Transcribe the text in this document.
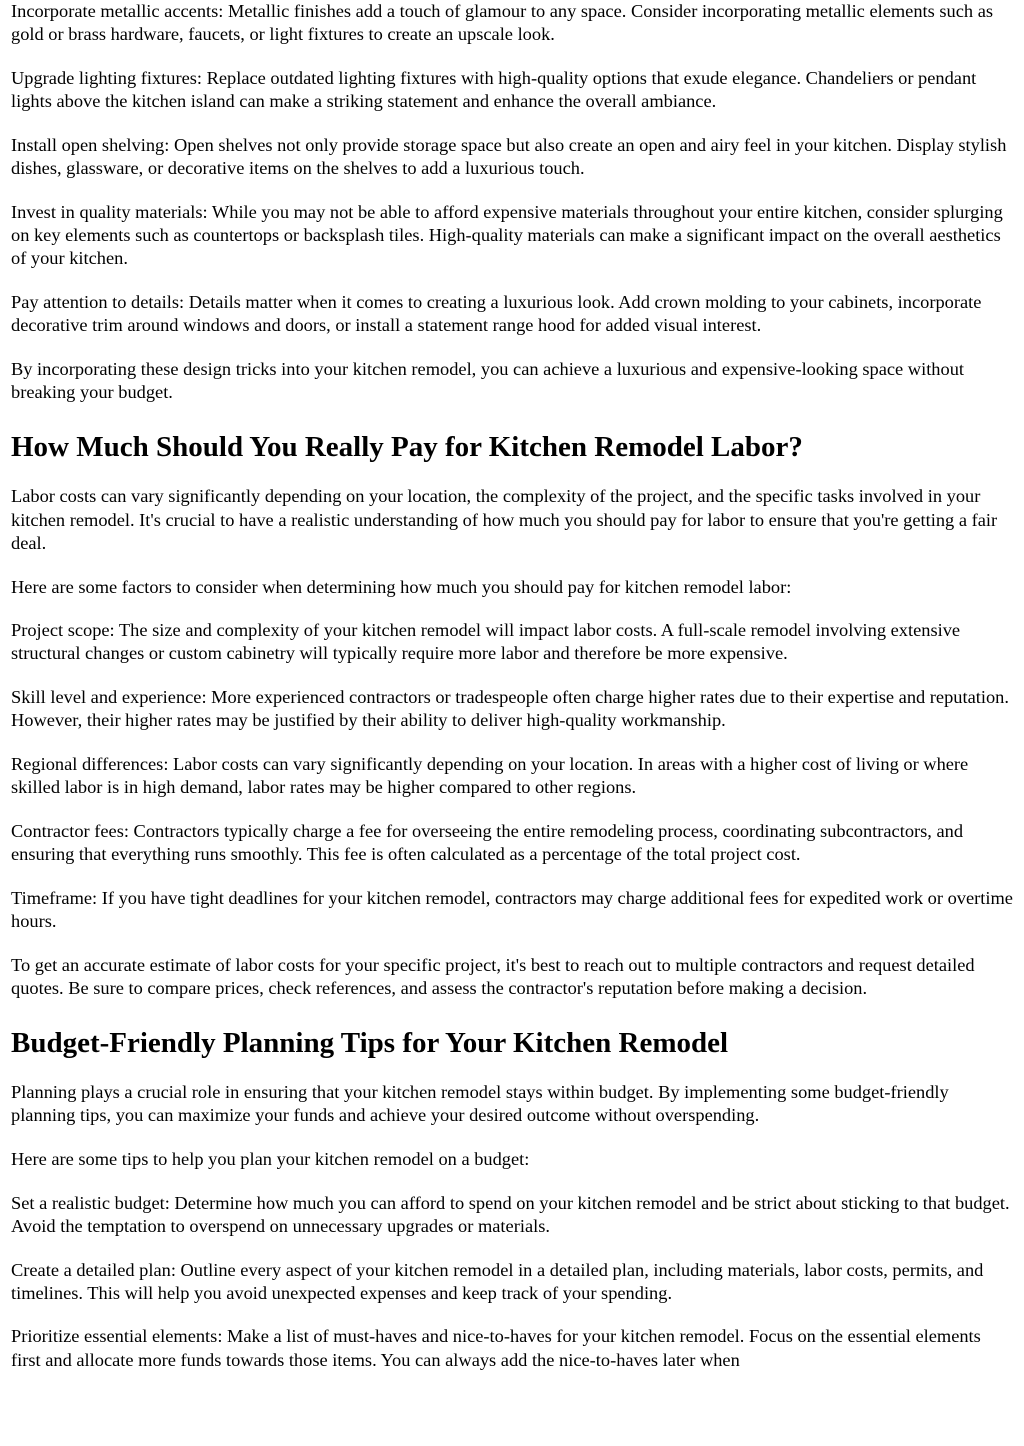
Incorporate metallic accents: Metallic finishes add a touch of glamour to any space. Consider incorporating metallic elements such as gold or brass hardware, faucets, or light fixtures to create an upscale look.

Upgrade lighting fixtures: Replace outdated lighting fixtures with high-quality options that exude elegance. Chandeliers or pendant lights above the kitchen island can make a striking statement and enhance the overall ambiance.

Install open shelving: Open shelves not only provide storage space but also create an open and airy feel in your kitchen. Display stylish dishes, glassware, or decorative items on the shelves to add a luxurious touch.

Invest in quality materials: While you may not be able to afford expensive materials throughout your entire kitchen, consider splurging on key elements such as countertops or backsplash tiles. High-quality materials can make a significant impact on the overall aesthetics of your kitchen.

Pay attention to details: Details matter when it comes to creating a luxurious look. Add crown molding to your cabinets, incorporate decorative trim around windows and doors, or install a statement range hood for added visual interest.

By incorporating these design tricks into your kitchen remodel, you can achieve a luxurious and expensive-looking space without breaking your budget.

How Much Should You Really Pay for Kitchen Remodel Labor?

Labor costs can vary significantly depending on your location, the complexity of the project, and the specific tasks involved in your kitchen remodel. It's crucial to have a realistic understanding of how much you should pay for labor to ensure that you're getting a fair deal.

Here are some factors to consider when determining how much you should pay for kitchen remodel labor:

Project scope: The size and complexity of your kitchen remodel will impact labor costs. A full-scale remodel involving extensive structural changes or custom cabinetry will typically require more labor and therefore be more expensive.

Skill level and experience: More experienced contractors or tradespeople often charge higher rates due to their expertise and reputation. However, their higher rates may be justified by their ability to deliver high-quality workmanship.

Regional differences: Labor costs can vary significantly depending on your location. In areas with a higher cost of living or where skilled labor is in high demand, labor rates may be higher compared to other regions.

Contractor fees: Contractors typically charge a fee for overseeing the entire remodeling process, coordinating subcontractors, and ensuring that everything runs smoothly. This fee is often calculated as a percentage of the total project cost.

Timeframe: If you have tight deadlines for your kitchen remodel, contractors may charge additional fees for expedited work or overtime hours.

To get an accurate estimate of labor costs for your specific project, it's best to reach out to multiple contractors and request detailed quotes. Be sure to compare prices, check references, and assess the contractor's reputation before making a decision.

Budget-Friendly Planning Tips for Your Kitchen Remodel

Planning plays a crucial role in ensuring that your kitchen remodel stays within budget. By implementing some budget-friendly planning tips, you can maximize your funds and achieve your desired outcome without overspending.

Here are some tips to help you plan your kitchen remodel on a budget:

Set a realistic budget: Determine how much you can afford to spend on your kitchen remodel and be strict about sticking to that budget. Avoid the temptation to overspend on unnecessary upgrades or materials.

Create a detailed plan: Outline every aspect of your kitchen remodel in a detailed plan, including materials, labor costs, permits, and timelines. This will help you avoid unexpected expenses and keep track of your spending.

Prioritize essential elements: Make a list of must-haves and nice-to-haves for your kitchen remodel. Focus on the essential elements first and allocate more funds towards those items. You can always add the nice-to-haves later when
